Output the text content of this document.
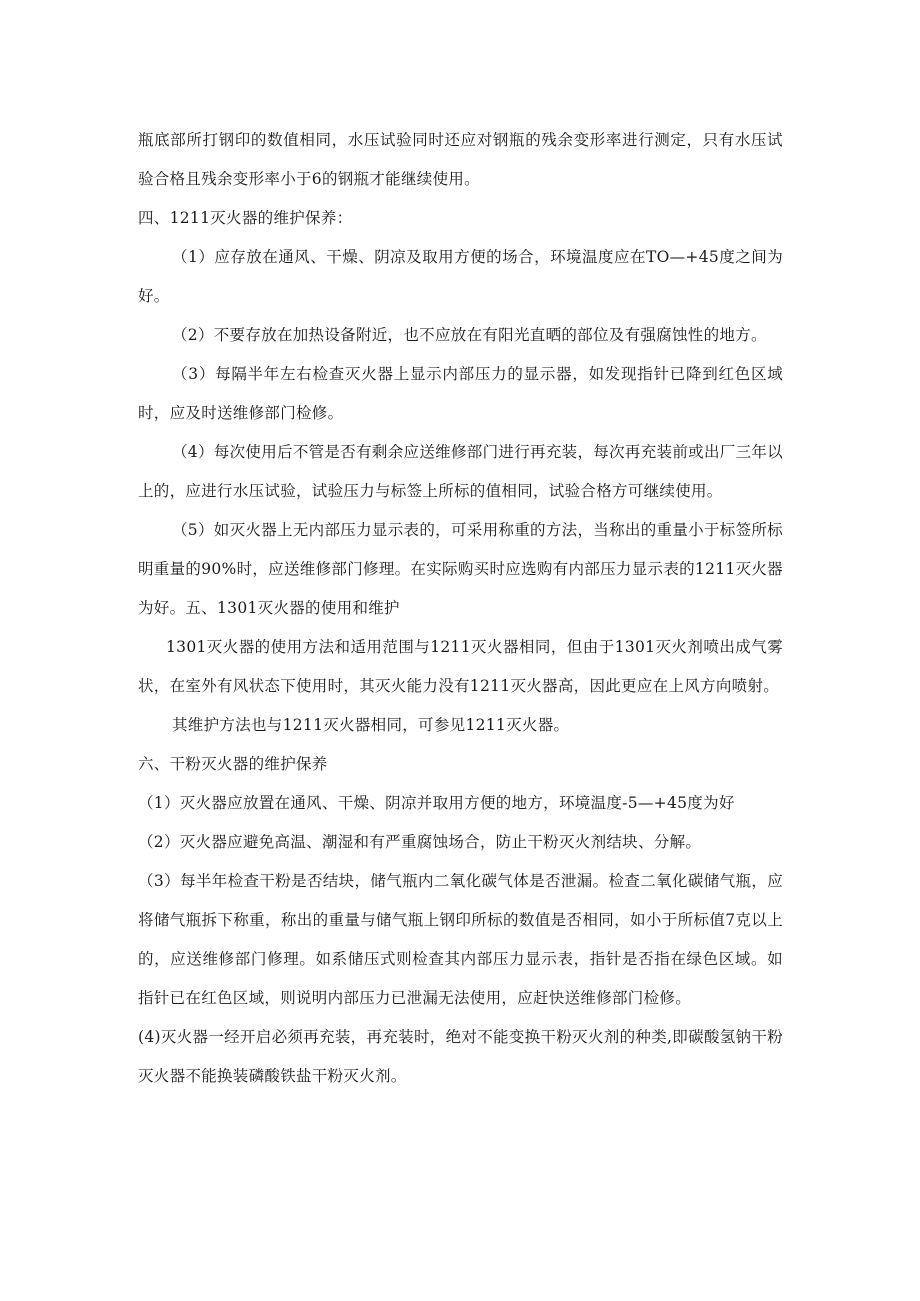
瓶底部所打钢印的数值相同，水压试验同时还应对钢瓶的残余变形率进行测定，只有水压试验合格且残余变形率小于6的钢瓶才能继续使用。

四、1211灭火器的维护保养：

（1）应存放在通风、干燥、阴凉及取用方便的场合，环境温度应在TO—+45度之间为好。

（2）不要存放在加热设备附近，也不应放在有阳光直晒的部位及有强腐蚀性的地方。

（3）每隔半年左右检查灭火器上显示内部压力的显示器，如发现指针已降到红色区域时，应及时送维修部门检修。

（4）每次使用后不管是否有剩余应送维修部门进行再充装，每次再充装前或出厂三年以上的，应进行水压试验，试验压力与标签上所标的值相同，试验合格方可继续使用。

（5）如灭火器上无内部压力显示表的，可采用称重的方法，当称出的重量小于标签所标明重量的90%时，应送维修部门修理。在实际购买时应选购有内部压力显示表的1211灭火器为好。五、1301灭火器的使用和维护

1301灭火器的使用方法和适用范围与1211灭火器相同，但由于1301灭火剂喷出成气雾状，在室外有风状态下使用时，其灭火能力没有1211灭火器高，因此更应在上风方向喷射。

其维护方法也与1211灭火器相同，可参见1211灭火器。

六、干粉灭火器的维护保养

（1）灭火器应放置在通风、干燥、阴凉并取用方便的地方，环境温度-5—+45度为好

（2）灭火器应避免高温、潮湿和有严重腐蚀场合，防止干粉灭火剂结块、分解。

（3）每半年检查干粉是否结块，储气瓶内二氧化碳气体是否泄漏。检查二氧化碳储气瓶，应将储气瓶拆下称重，称出的重量与储气瓶上钢印所标的数值是否相同，如小于所标值7克以上的，应送维修部门修理。如系储压式则检查其内部压力显示表，指针是否指在绿色区域。如指针已在红色区域，则说明内部压力已泄漏无法使用，应赶快送维修部门检修。

(4)灭火器一经开启必须再充装，再充装时，绝对不能变换干粉灭火剂的种类,即碳酸氢钠干粉灭火器不能换装磷酸铁盐干粉灭火剂。
